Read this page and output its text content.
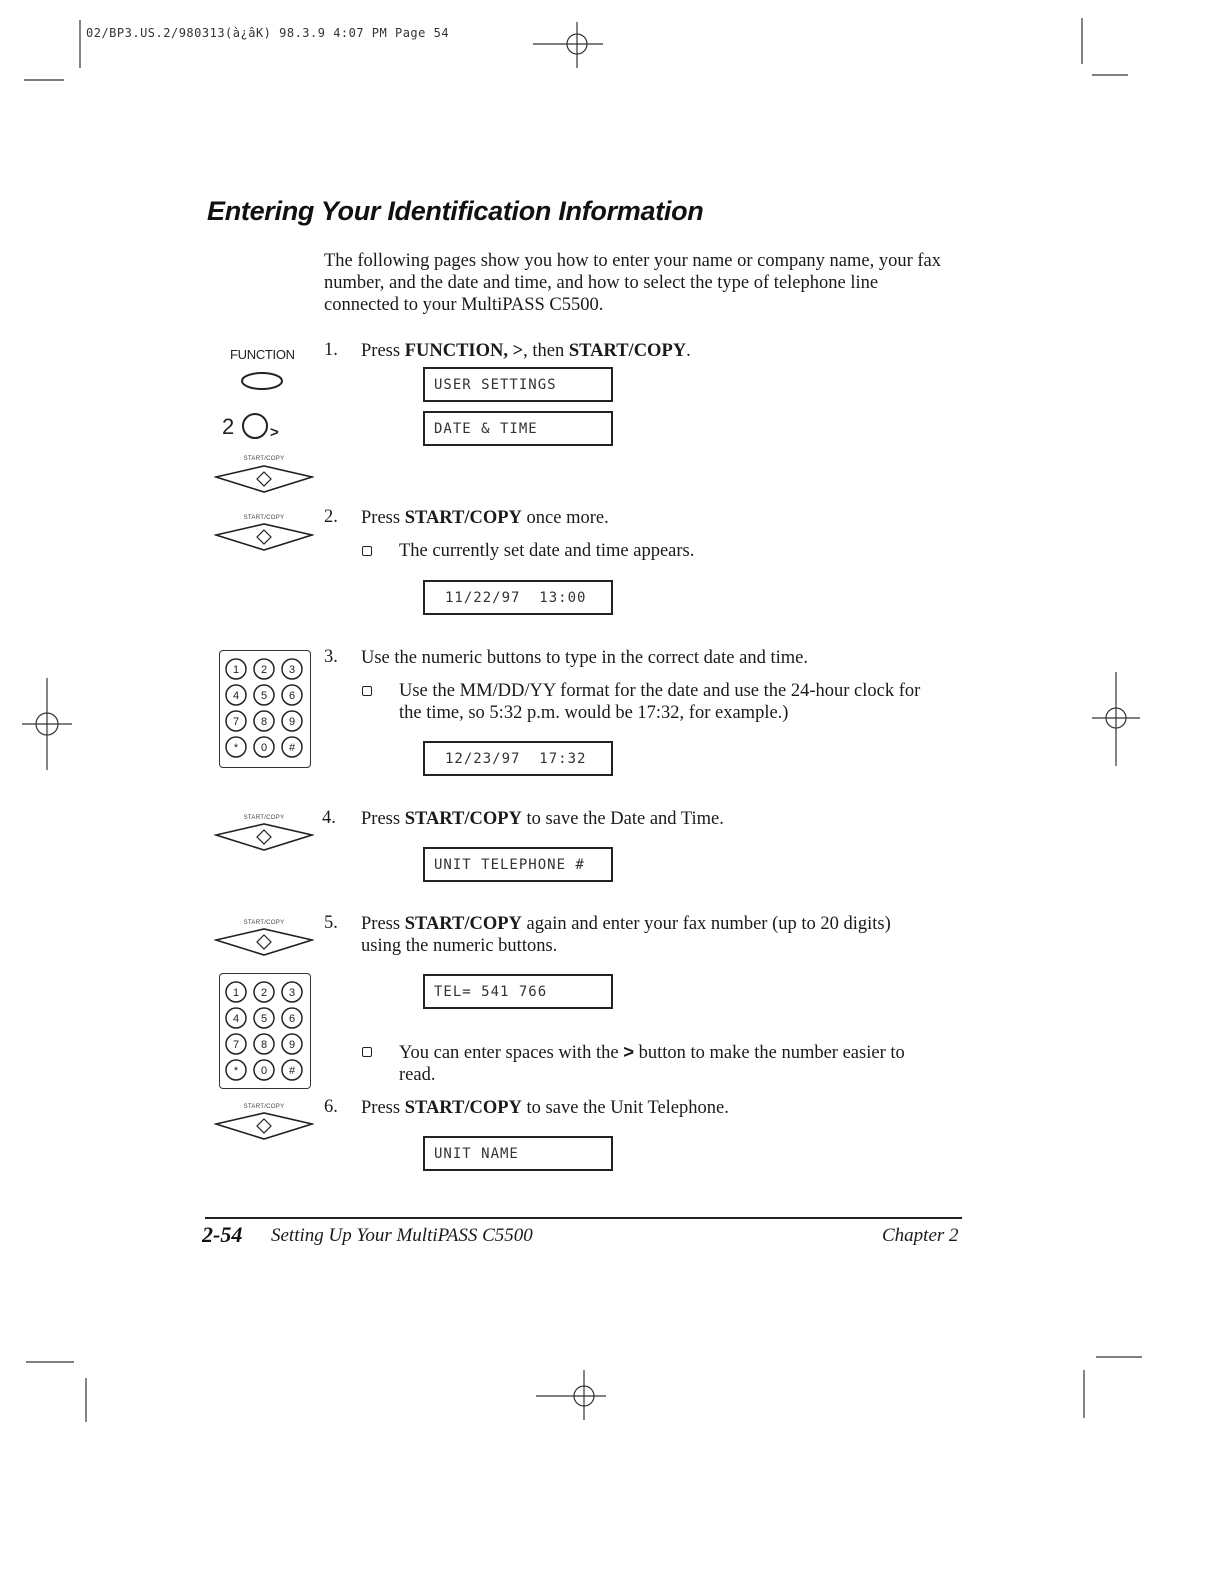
02/BP3.US.2/980313(à¿âK) 98.3.9 4:07 PM Page 54
Entering Your Identification Information
The following pages show you how to enter your name or company name, your fax number, and the date and time, and how to select the type of telephone line connected to your MultiPASS C5500.
FUNCTION
2 >
START/COPY
START/COPY
1 2 3
4 5 6
7 8 9
* 0 #
START/COPY
START/COPY
1 2 3
4 5 6
7 8 9
* 0 #
START/COPY
1. Press FUNCTION, >, then START/COPY.
USER SETTINGS
DATE & TIME
2. Press START/COPY once more.
The currently set date and time appears.
11/22/97  13:00
3. Use the numeric buttons to type in the correct date and time.
Use the MM/DD/YY format for the date and use the 24-hour clock for the time, so 5:32 p.m. would be 17:32, for example.)
12/23/97  17:32
4. Press START/COPY to save the Date and Time.
UNIT TELEPHONE #
5. Press START/COPY again and enter your fax number (up to 20 digits) using the numeric buttons.
TEL= 541 766
You can enter spaces with the > button to make the number easier to read.
6. Press START/COPY to save the Unit Telephone.
UNIT NAME
2-54 Setting Up Your MultiPASS C5500	Chapter 2
